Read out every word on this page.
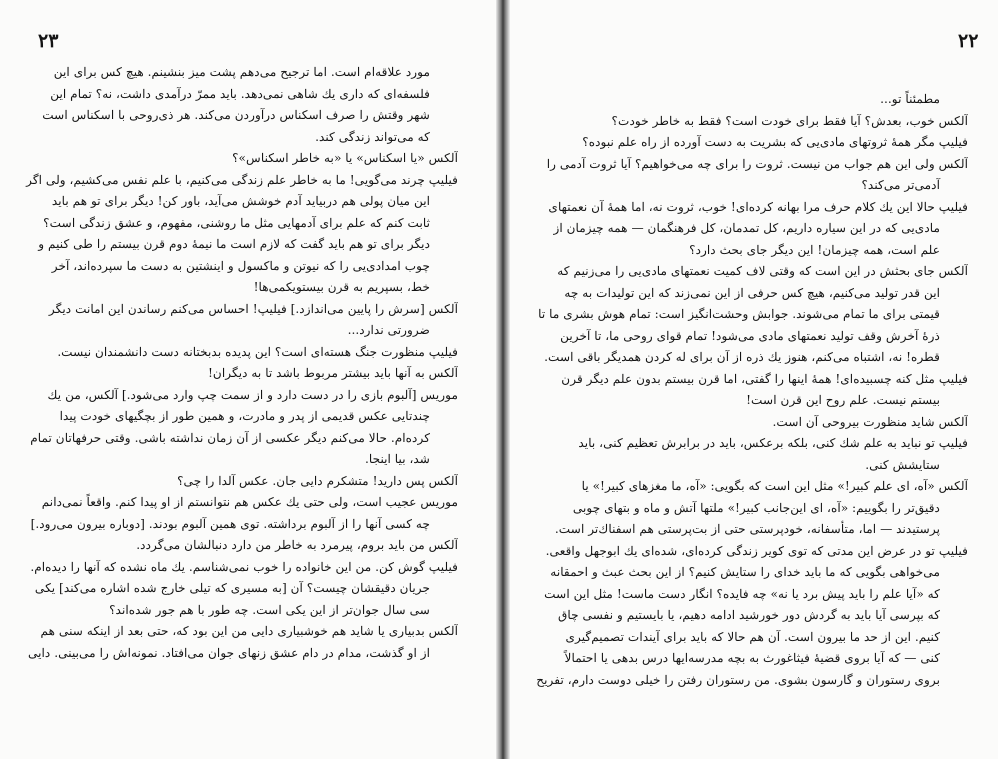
۲۳
مورد علاقه‌ام است. اما ترجیح می‌دهم پشت میز بنشینم. هیچ کس برای این
فلسفه‌ای که داری یك شاهی نمی‌دهد. باید ممرّ درآمدی داشت، نه؟ تمام این
شهر وقتش را صرف اسکناس درآوردن می‌کند. هر ذی‌روحی با اسکناس است
که می‌تواند زندگی کند.
آلکس «یا اسکناس» یا «به خاطر اسکناس»؟
فیلیپ چرند می‌گویی! ما به خاطر علم زندگی می‌کنیم، با علم نفس می‌کشیم، ولی اگر
این میان پولی هم دربیاید آدم خوشش می‌آید، باور کن! دیگر برای تو هم باید
ثابت کنم که علم برای آدمهایی مثل ما روشنی، مفهوم، و عشق زندگی است؟
دیگر برای تو هم باید گفت که لازم است ما نیمهٔ دوم قرن بیستم را طی کنیم و
چوب امدادی‌یی را که نیوتن و ماکسول و اینشتین به دست ما سپرده‌اند، آخر
خط، بسپریم به قرن بیستویکمی‌ها!
آلکس [سرش را پایین می‌اندازد.] فیلیپ! احساس می‌کنم رساندن این امانت دیگر
ضرورتی ندارد...
فیلیپ منظورت جنگ هسته‌ای است؟ این پدیده بدبختانه دست دانشمندان نیست.
آلکس به آنها باید بیشتر مربوط باشد تا به دیگران!
موریس [آلبوم بازی را در دست دارد و از سمت چپ وارد می‌شود.] آلکس، من یك
چندتایی عکس قدیمی از پدر و مادرت، و همین طور از بچگیهای خودت پیدا
کرده‌ام. حالا می‌کنم دیگر عکسی از آن زمان نداشته باشی. وقتی حرفهاتان تمام
شد، بیا اینجا.
آلکس پس دارید! متشکرم دایی جان. عکس آلدا را چی؟
موریس عجیب است، ولی حتی یك عکس هم نتوانستم از او پیدا کنم. واقعاً نمی‌دانم
چه کسی آنها را از آلبوم برداشته. توی همین آلبوم بودند. [دوباره بیرون می‌رود.]
آلکس من باید بروم، پیرمرد به خاطر من دارد دنبالشان می‌گردد.
فیلیپ گوش کن. من این خانواده را خوب نمی‌شناسم. یك ماه نشده که آنها را دیده‌ام.
جریان دقیقشان چیست؟ آن [به مسیری که تیلی خارج شده اشاره می‌کند] یکی
سی سال جوان‌تر از این یکی است. چه طور با هم جور شده‌اند؟
آلکس بدبیاری یا شاید هم خوشبیاری دایی من این بود که، حتی بعد از اینکه سنی هم
از او گذشت، مدام در دام عشق زنهای جوان می‌افتاد. نمونه‌اش را می‌بینی. دایی
۲۲
مطمئناً تو...
آلکس خوب، بعدش؟ آیا فقط برای خودت است؟ فقط به خاطر خودت؟
فیلیپ مگر همهٔ ثروتهای مادی‌یی که بشریت به دست آورده از راه علم نبوده؟
آلکس ولی این هم جواب من نیست. ثروت را برای چه می‌خواهیم؟ آیا ثروت آدمی را
آدمی‌تر می‌کند؟
فیلیپ حالا این یك کلام حرف مرا بهانه کرده‌ای! خوب، ثروت نه، اما همهٔ آن نعمتهای
مادی‌یی که در این سیاره داریم، کل تمدمان، کل فرهنگمان — همه چیزمان از
علم است، همه چیزمان! این دیگر جای بحث دارد؟
آلکس جای بحثش در این است که وقتی لاف کمیت نعمتهای مادی‌یی را می‌زنیم که
این قدر تولید می‌کنیم، هیچ کس حرفی از این نمی‌زند که این تولیدات به چه
قیمتی برای ما تمام می‌شوند. جوابش وحشت‌انگیز است: تمام هوش بشری ما تا
ذرهٔ آخرش وقف تولید نعمتهای مادی می‌شود! تمام قوای روحی ما، تا آخرین
قطره! نه، اشتباه می‌کنم، هنوز یك ذره از آن برای له کردن همدیگر باقی است.
فیلیپ مثل کنه چسبیده‌ای! همهٔ اینها را گفتی، اما قرن بیستم بدون علم دیگر قرن
بیستم نیست. علم روح این قرن است!
آلکس شاید منظورت بیروحی آن است.
فیلیپ تو نباید به علم شك کنی، بلکه برعکس، باید در برابرش تعظیم کنی، باید
ستایشش کنی.
آلکس «آه، ای علم کبیر!» مثل این است که بگویی: «آه، ما مغزهای کبیر!» یا
دقیق‌تر را بگوییم: «آه، ای این‌جانب کبیر!» ملتها آتش و ماه و بتهای چوبی
پرستیدند — اما، متأسفانه، خودپرستی حتی از بت‌پرستی هم اسفناك‌تر است.
فیلیپ تو در عرض این مدتی که توی کویر زندگی کرده‌ای، شده‌ای یك ابوجهل واقعی.
می‌خواهی بگویی که ما باید خدای را ستایش کنیم؟ از این بحث عبث و احمقانه
که «آیا علم را باید پیش برد یا نه» چه فایده؟ انگار دست ماست! مثل این است
که بپرسی آیا باید به گردش دور خورشید ادامه دهیم، یا بایستیم و نفسی چاق
کنیم. این از حد ما بیرون است. آن هم حالا که باید برای آیندات تصمیم‌گیری
کنی — که آیا بروی قضیهٔ فیثاغورث به بچه مدرسه‌ایها درس بدهی یا احتمالاً
بروی رستوران و گارسون بشوی. من رستوران رفتن را خیلی دوست دارم، تفریح
